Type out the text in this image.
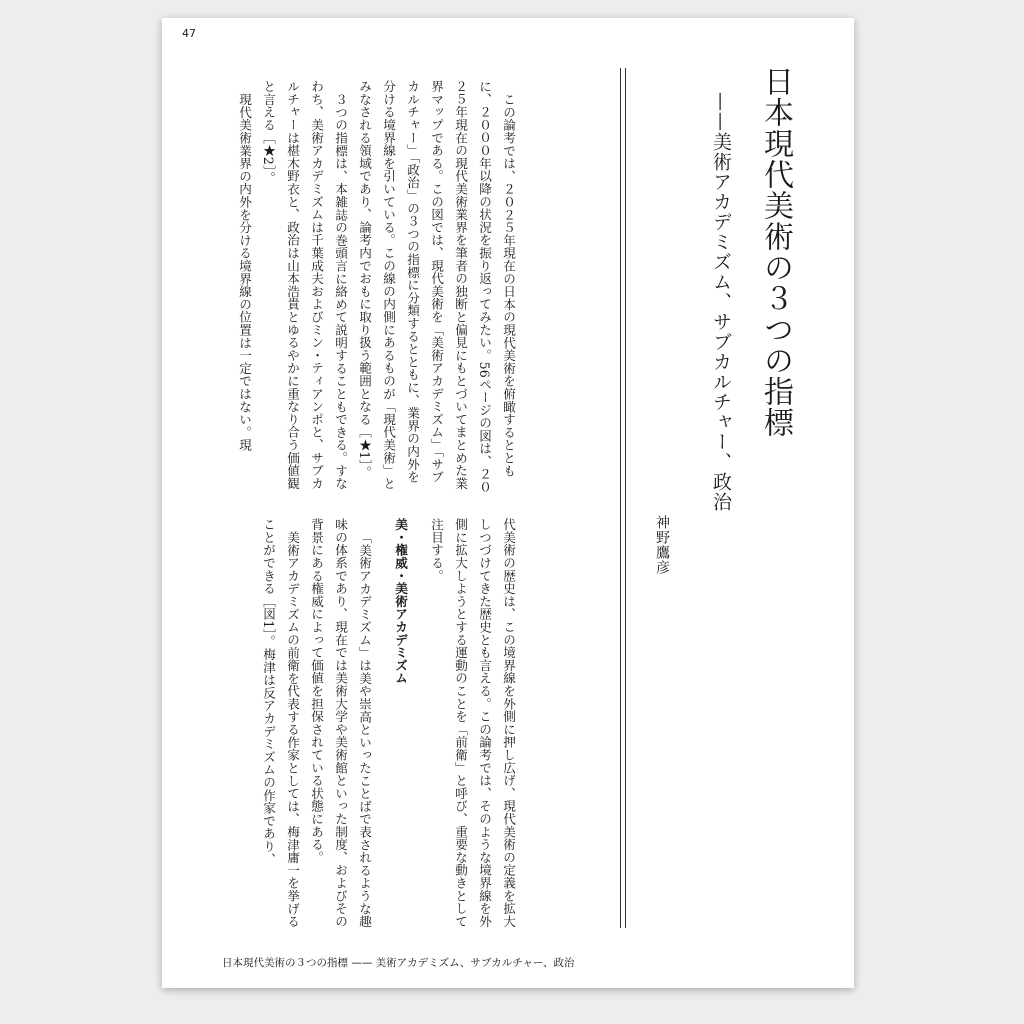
47
日本現代美術の３つの指標
——美術アカデミズム、サブカルチャー、政治
神野鷹彦

この論考では、２０２５年現在の日本の現代美術を俯瞰するとともに、２０００年以降の状況を振り返ってみたい。56ページの図は、２０２５年現在の現代美術業界を筆者の独断と偏見にもとづいてまとめた業界マップである。この図では、現代美術を「美術アカデミズム」「サブカルチャー」「政治」の３つの指標に分類するとともに、業界の内外を分ける境界線を引いている。この線の内側にあるものが「現代美術」とみなされる領域であり、論考内でおもに取り扱う範囲となる［★1］。

３つの指標は、本雑誌の巻頭言に絡めて説明することもできる。すなわち、美術アカデミズムは千葉成夫およびミン・ティアンポと、サブカルチャーは椹木野衣と、政治は山本浩貴とゆるやかに重なり合う価値観と言える［★2］。

現代美術業界の内外を分ける境界線の位置は一定ではない。現

代美術の歴史は、この境界線を外側に押し広げ、現代美術の定義を拡大しつづけてきた歴史とも言える。この論考では、そのような境界線を外側に拡大しようとする運動のことを「前衛」と呼び、重要な動きとして注目する。

美・権威・美術アカデミズム

「美術アカデミズム」は美や崇高といったことばで表されるような趣味の体系であり、現在では美術大学や美術館といった制度、およびその背景にある権威によって価値を担保されている状態にある。

美術アカデミズムの前衛を代表する作家としては、梅津庸一を挙げることができる［図1］。梅津は反アカデミズムの作家であり、

日本現代美術の３つの指標 —— 美術アカデミズム、サブカルチャー、政治
